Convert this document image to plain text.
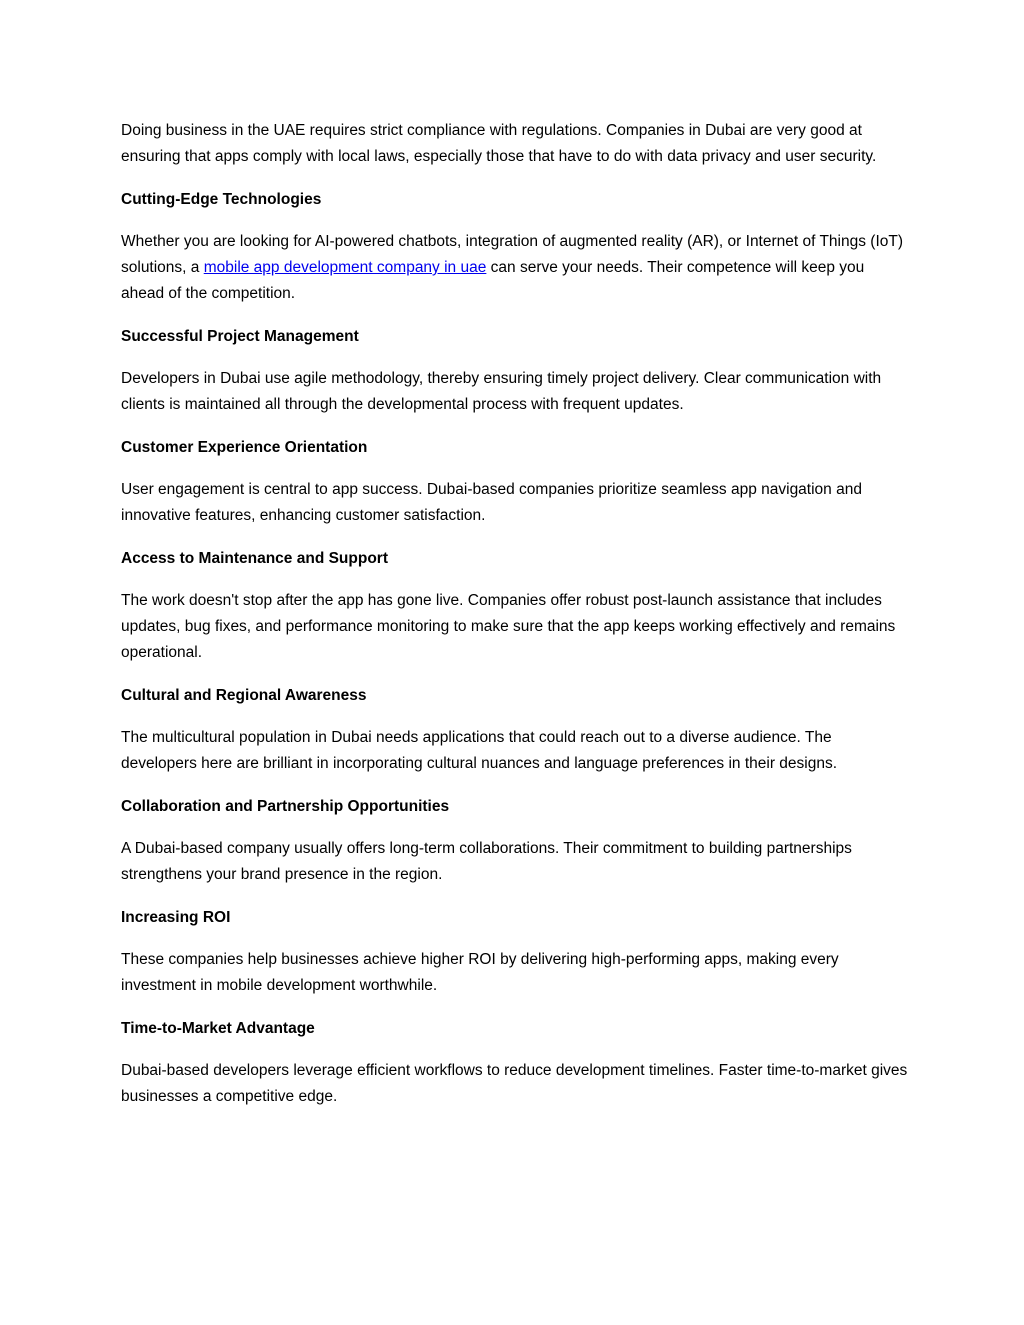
Doing business in the UAE requires strict compliance with regulations. Companies in Dubai are very good at ensuring that apps comply with local laws, especially those that have to do with data privacy and user security.

Cutting-Edge Technologies

Whether you are looking for AI-powered chatbots, integration of augmented reality (AR), or Internet of Things (IoT) solutions, a mobile app development company in uae can serve your needs. Their competence will keep you ahead of the competition.

Successful Project Management

Developers in Dubai use agile methodology, thereby ensuring timely project delivery. Clear communication with clients is maintained all through the developmental process with frequent updates.

Customer Experience Orientation

User engagement is central to app success. Dubai-based companies prioritize seamless app navigation and innovative features, enhancing customer satisfaction.

Access to Maintenance and Support

The work doesn't stop after the app has gone live. Companies offer robust post-launch assistance that includes updates, bug fixes, and performance monitoring to make sure that the app keeps working effectively and remains operational.

Cultural and Regional Awareness

The multicultural population in Dubai needs applications that could reach out to a diverse audience. The developers here are brilliant in incorporating cultural nuances and language preferences in their designs.

Collaboration and Partnership Opportunities

A Dubai-based company usually offers long-term collaborations. Their commitment to building partnerships strengthens your brand presence in the region.

Increasing ROI

These companies help businesses achieve higher ROI by delivering high-performing apps, making every investment in mobile development worthwhile.

Time-to-Market Advantage

Dubai-based developers leverage efficient workflows to reduce development timelines. Faster time-to-market gives businesses a competitive edge.
